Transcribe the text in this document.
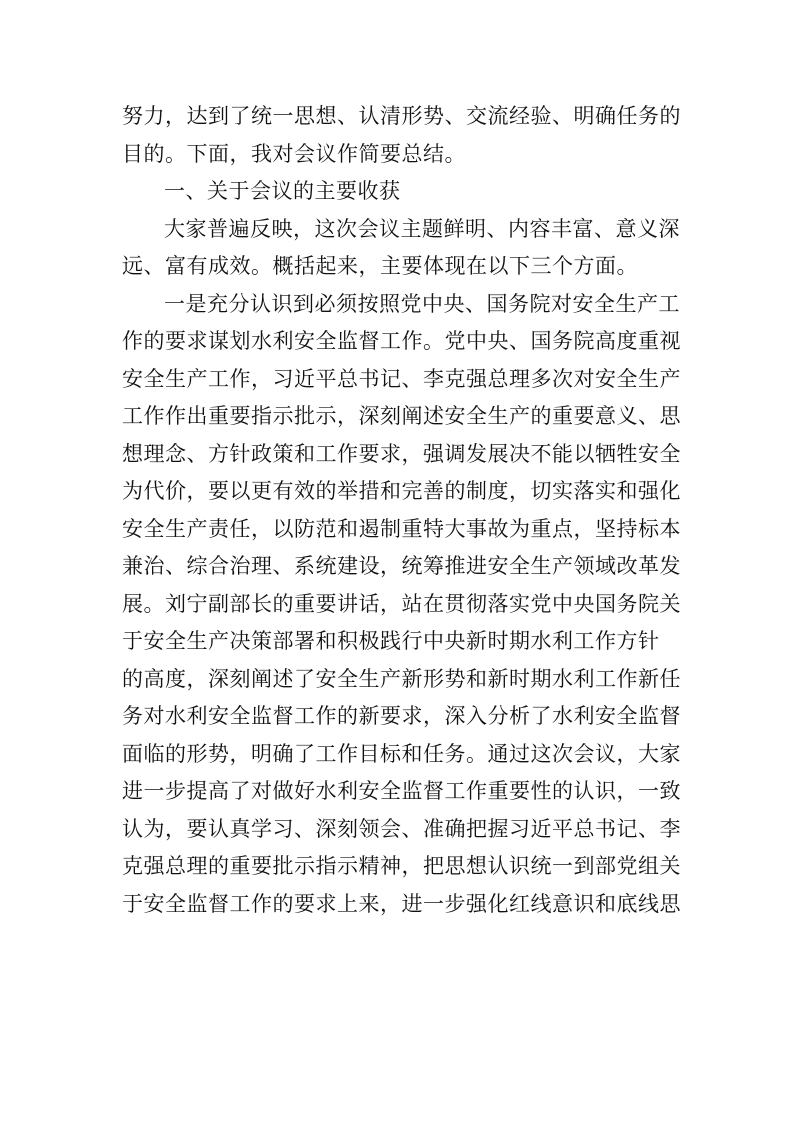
努力，达到了统一思想、认清形势、交流经验、明确任务的
目的。下面，我对会议作简要总结。
一、关于会议的主要收获
大家普遍反映，这次会议主题鲜明、内容丰富、意义深
远、富有成效。概括起来，主要体现在以下三个方面。
一是充分认识到必须按照党中央、国务院对安全生产工
作的要求谋划水利安全监督工作。党中央、国务院高度重视
安全生产工作，习近平总书记、李克强总理多次对安全生产
工作作出重要指示批示，深刻阐述安全生产的重要意义、思
想理念、方针政策和工作要求，强调发展决不能以牺牲安全
为代价，要以更有效的举措和完善的制度，切实落实和强化
安全生产责任，以防范和遏制重特大事故为重点，坚持标本
兼治、综合治理、系统建设，统筹推进安全生产领域改革发
展。刘宁副部长的重要讲话，站在贯彻落实党中央国务院关
于安全生产决策部署和积极践行中央新时期水利工作方针
的高度，深刻阐述了安全生产新形势和新时期水利工作新任
务对水利安全监督工作的新要求，深入分析了水利安全监督
面临的形势，明确了工作目标和任务。通过这次会议，大家
进一步提高了对做好水利安全监督工作重要性的认识，一致
认为，要认真学习、深刻领会、准确把握习近平总书记、李
克强总理的重要批示指示精神，把思想认识统一到部党组关
于安全监督工作的要求上来，进一步强化红线意识和底线思
